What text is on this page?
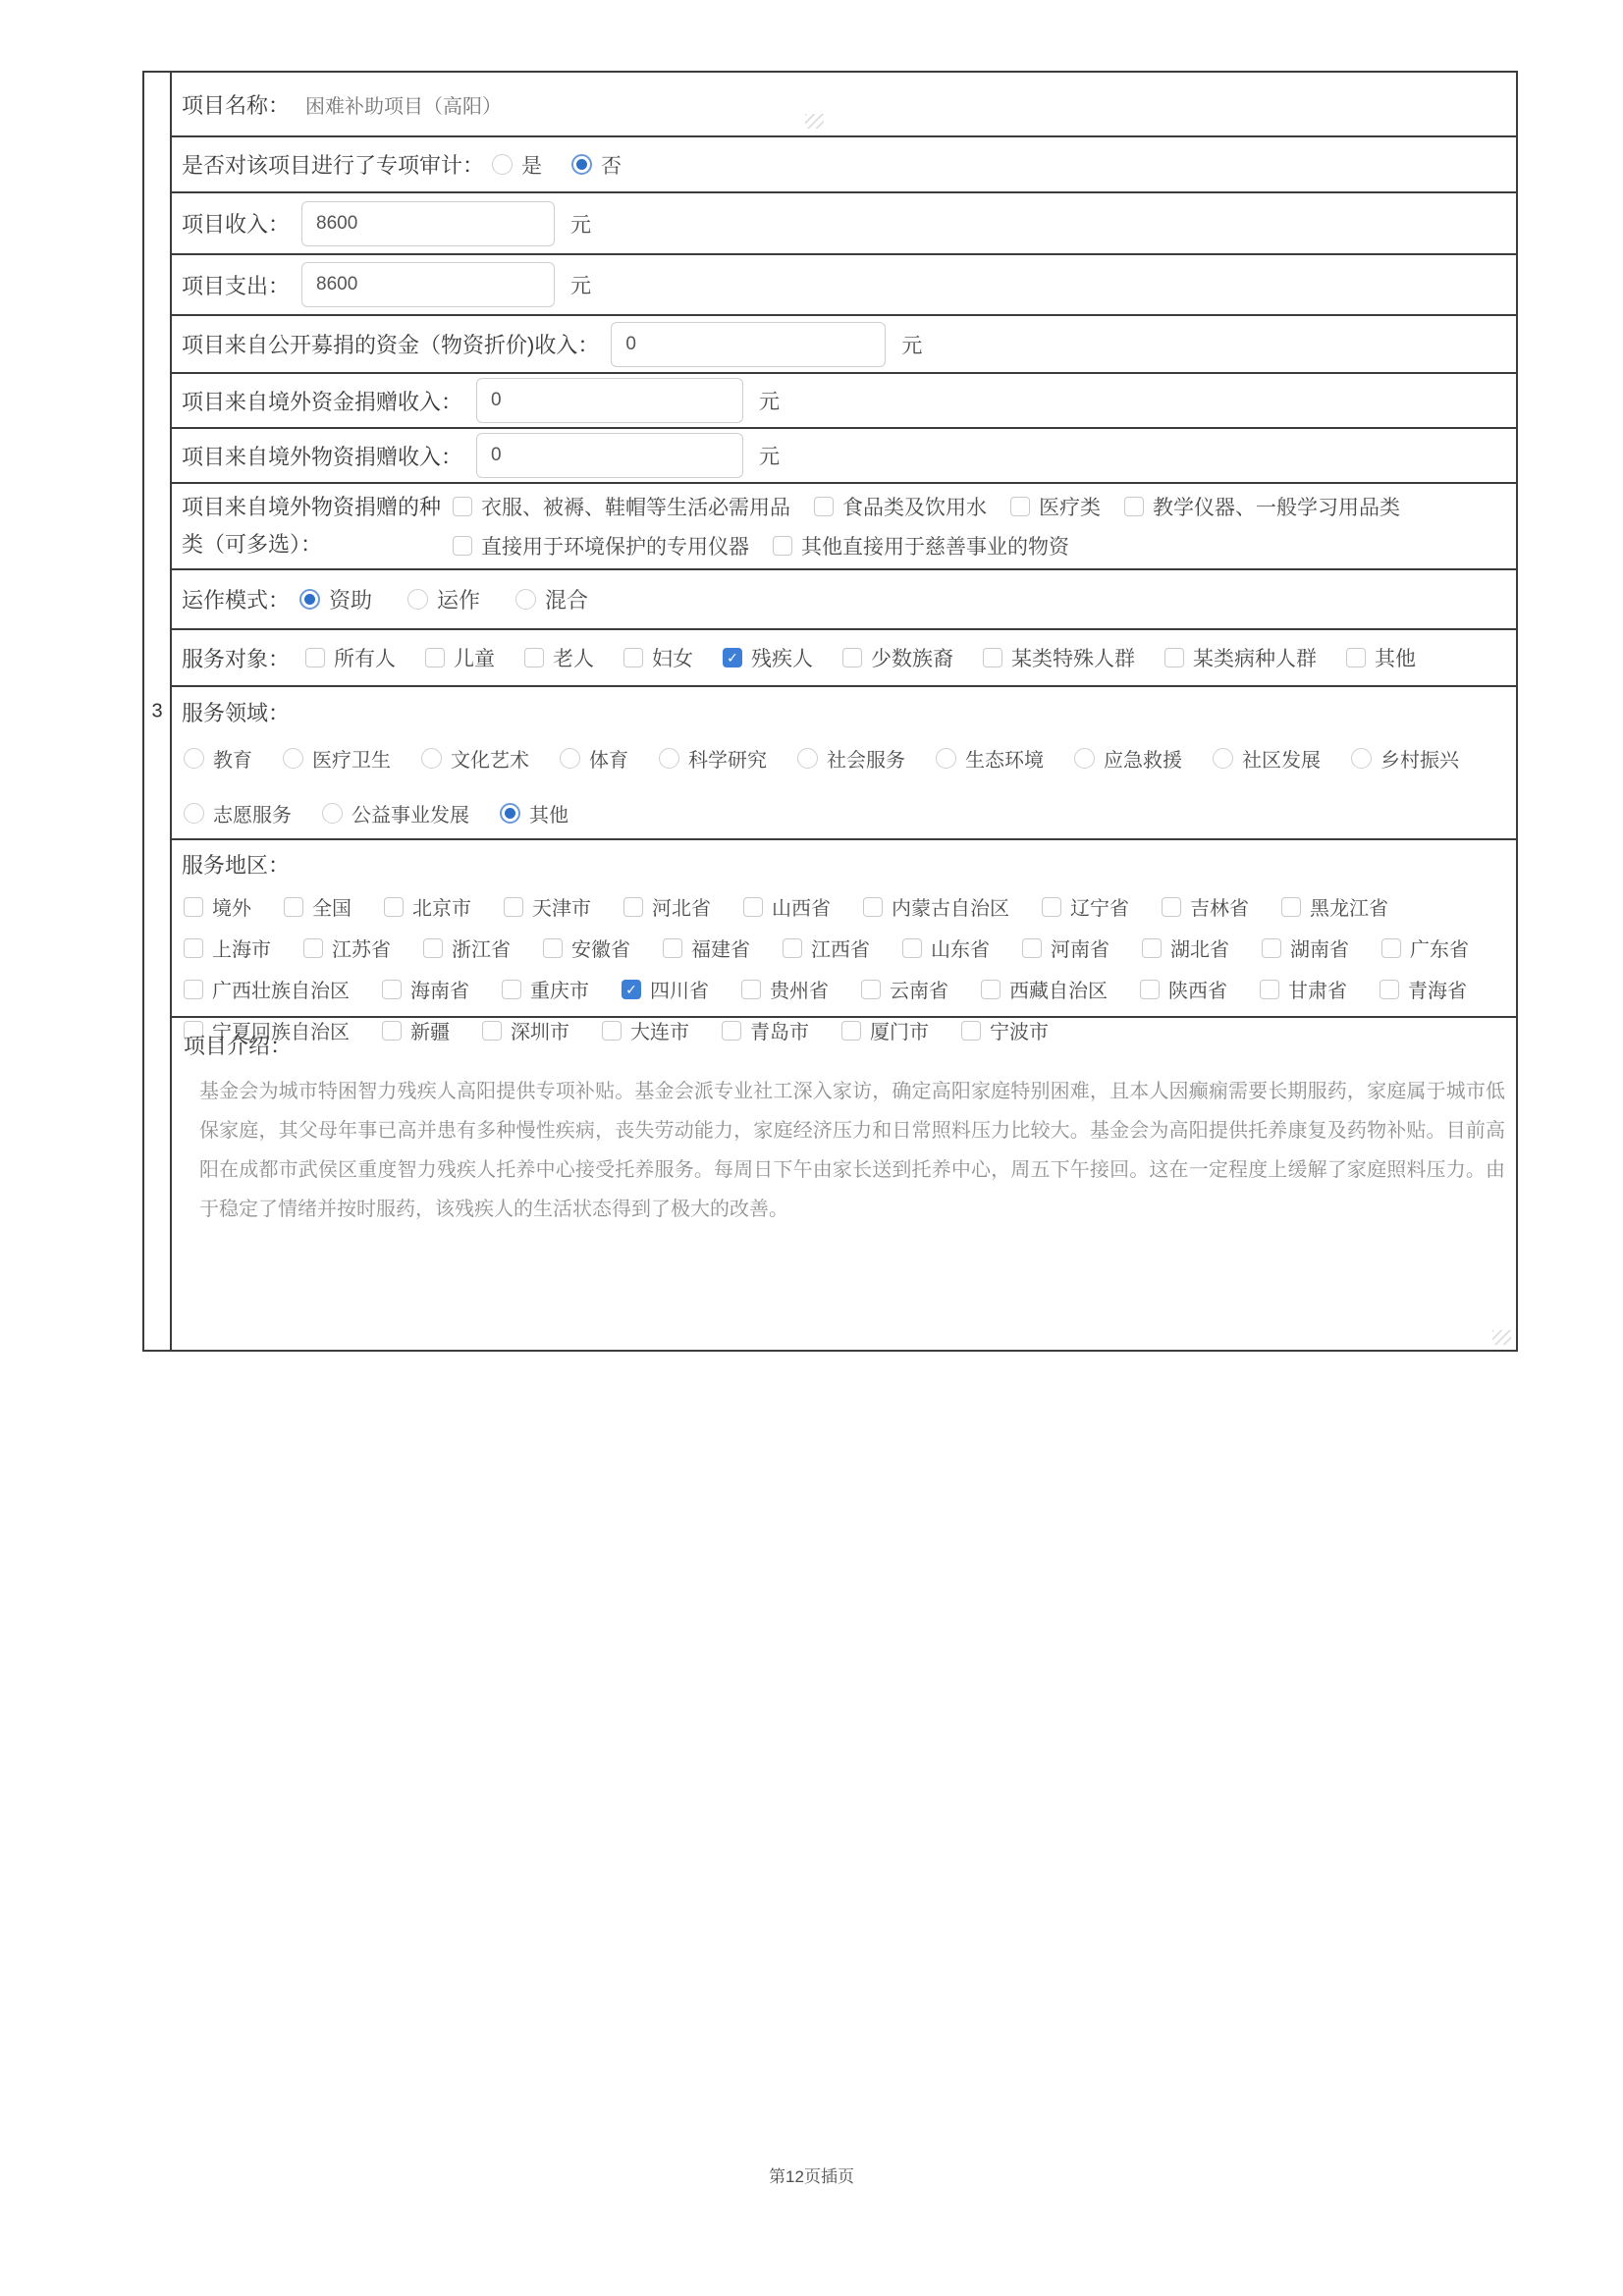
3
项目名称： 困难补助项目（高阳）
是否对该项目进行了专项审计： 是	否
项目收入：
8600	元
项目支出：
8600	元
项目来自公开募捐的资金（物资折价)收入：
0	元
项目来自境外资金捐赠收入：
0	元
项目来自境外物资捐赠收入：
0	元
项目来自境外物资捐赠的种类（可多选）：
衣服、被褥、鞋帽等生活必需用品	食品类及饮用水	医疗类	教学仪器、一般学习用品类
直接用于环境保护的专用仪器	其他直接用于慈善事业的物资
运作模式： 资助	运作	混合
服务对象： 所有人	儿童	老人	妇女 ✓ 残疾人	少数族裔	某类特殊人群	某类病种人群	其他
服务领域：
教育	医疗卫生	文化艺术	体育	科学研究	社会服务	生态环境	应急救援	社区发展	乡村振兴
志愿服务	公益事业发展	其他
服务地区：
境外	全国	北京市	天津市	河北省	山西省	内蒙古自治区	辽宁省	吉林省	黑龙江省
上海市	江苏省	浙江省	安徽省	福建省	江西省	山东省	河南省	湖北省	湖南省	广东省
广西壮族自治区	海南省	重庆市	✓ 四川省	贵州省	云南省	西藏自治区	陕西省	甘肃省	青海省
宁夏回族自治区	新疆	深圳市	大连市	青岛市	厦门市	宁波市
项目介绍：
基金会为城市特困智力残疾人高阳提供专项补贴。基金会派专业社工深入家访，确定高阳家庭特别困难，且本人因癫痫需要长期服药，家庭属于城市低保家庭，其父母年事已高并患有多种慢性疾病，丧失劳动能力，家庭经济压力和日常照料压力比较大。基金会为高阳提供托养康复及药物补贴。目前高阳在成都市武侯区重度智力残疾人托养中心接受托养服务。每周日下午由家长送到托养中心，周五下午接回。这在一定程度上缓解了家庭照料压力。由于稳定了情绪并按时服药，该残疾人的生活状态得到了极大的改善。
第12页插页
